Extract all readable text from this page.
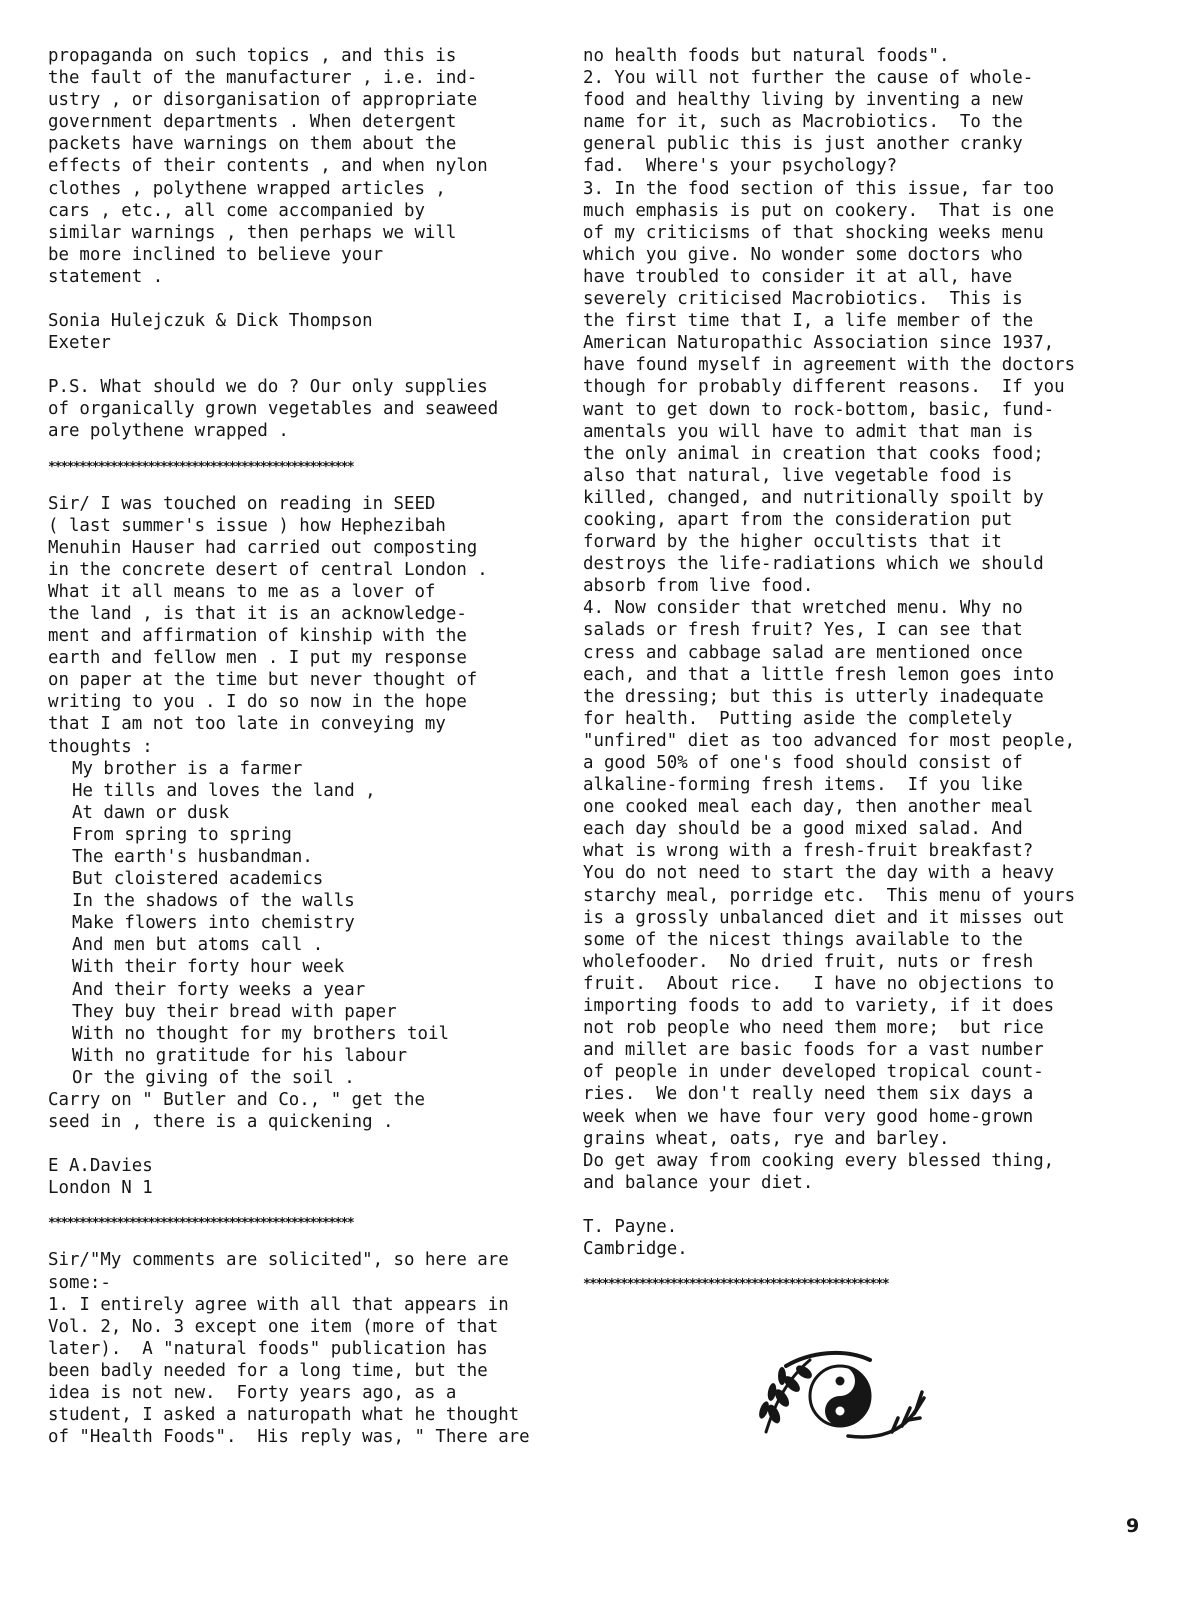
propaganda on such topics , and this is
the fault of the manufacturer , i.e. ind-
ustry , or disorganisation of appropriate
government departments . When detergent
packets have warnings on them about the
effects of their contents , and when nylon
clothes , polythene wrapped articles ,
cars , etc., all come accompanied by
similar warnings , then perhaps we will
be more inclined to believe your
statement .
Sonia Hulejczuk & Dick Thompson
Exeter
P.S. What should we do ? Our only supplies
of organically grown vegetables and seaweed
are polythene wrapped .
*************************************************
Sir/ I was touched on reading in SEED
( last summer's issue ) how Hephezibah
Menuhin Hauser had carried out composting
in the concrete desert of central London .
What it all means to me as a lover of
the land , is that it is an acknowledge-
ment and affirmation of kinship with the
earth and fellow men . I put my response
on paper at the time but never thought of
writing to you . I do so now in the hope
that I am not too late in conveying my
thoughts :
My brother is a farmer
He tills and loves the land ,
At dawn or dusk
From spring to spring
The earth's husbandman.
But cloistered academics
In the shadows of the walls
Make flowers into chemistry
And men but atoms call .
With their forty hour week
And their forty weeks a year
They buy their bread with paper
With no thought for my brothers toil
With no gratitude for his labour
Or the giving of the soil .
Carry on " Butler and Co., " get the
seed in , there is a quickening .
E A.Davies
London N 1
*************************************************
Sir/"My comments are solicited", so here are
some:-
1. I entirely agree with all that appears in
Vol. 2, No. 3 except one item (more of that
later).  A "natural foods" publication has
been badly needed for a long time, but the
idea is not new.  Forty years ago, as a
student, I asked a naturopath what he thought
of "Health Foods".  His reply was, " There are
no health foods but natural foods".
2. You will not further the cause of whole-
food and healthy living by inventing a new
name for it, such as Macrobiotics.  To the
general public this is just another cranky
fad.  Where's your psychology?
3. In the food section of this issue, far too
much emphasis is put on cookery.  That is one
of my criticisms of that shocking weeks menu
which you give. No wonder some doctors who
have troubled to consider it at all, have
severely criticised Macrobiotics.  This is
the first time that I, a life member of the
American Naturopathic Association since 1937,
have found myself in agreement with the doctors
though for probably different reasons.  If you
want to get down to rock-bottom, basic, fund-
amentals you will have to admit that man is
the only animal in creation that cooks food;
also that natural, live vegetable food is
killed, changed, and nutritionally spoilt by
cooking, apart from the consideration put
forward by the higher occultists that it
destroys the life-radiations which we should
absorb from live food.
4. Now consider that wretched menu. Why no
salads or fresh fruit? Yes, I can see that
cress and cabbage salad are mentioned once
each, and that a little fresh lemon goes into
the dressing; but this is utterly inadequate
for health.  Putting aside the completely
"unfired" diet as too advanced for most people,
a good 50% of one's food should consist of
alkaline-forming fresh items.  If you like
one cooked meal each day, then another meal
each day should be a good mixed salad. And
what is wrong with a fresh-fruit breakfast?
You do not need to start the day with a heavy
starchy meal, porridge etc.  This menu of yours
is a grossly unbalanced diet and it misses out
some of the nicest things available to the
wholefooder.  No dried fruit, nuts or fresh
fruit.  About rice.   I have no objections to
importing foods to add to variety, if it does
not rob people who need them more;  but rice
and millet are basic foods for a vast number
of people in under developed tropical count-
ries.  We don't really need them six days a
week when we have four very good home-grown
grains wheat, oats, rye and barley.
Do get away from cooking every blessed thing,
and balance your diet.
T. Payne.
Cambridge.
*************************************************
9
